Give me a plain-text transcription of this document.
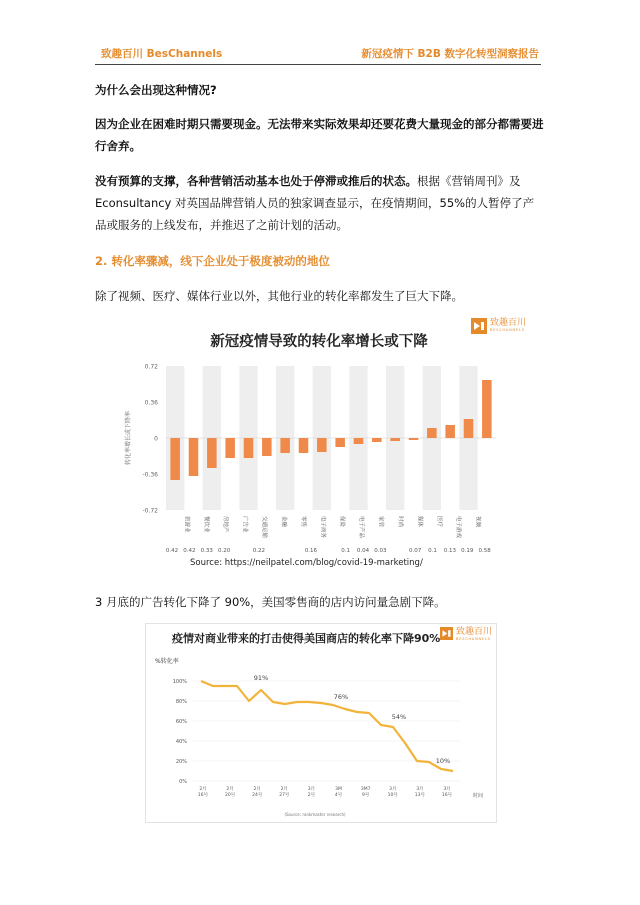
致趣百川 BesChannels	新冠疫情下 B2B 数字化转型洞察报告
为什么会出现这种情况?
因为企业在困难时期只需要现金。无法带来实际效果却还要花费大量现金的部分都需要进行舍弃。
没有预算的支撑，各种营销活动基本也处于停滞或推后的状态。根据《营销周刊》及 Econsultancy 对英国品牌营销人员的独家调查显示，在疫情期间，55%的人暂停了产品或服务的上线发布，并推迟了之前计划的活动。
2. 转化率骤减，线下企业处于极度被动的地位
除了视频、医疗、媒体行业以外，其他行业的转化率都发生了巨大下降。
新冠疫情导致的转化率增长或下降
致趣百川
BESCHANNELS
0.72
0.36
0
-0.36
-0.72
转化率增长或下降率
旅游业	餐饮业	房地产	广告业	交通运输	金融	零售	电子商务	保险	电子产品	家装	时尚	媒体	医疗	电子游戏	视频
0.42 0.42 0.33 0.20	0.22	0.16	0.1 0.04 0.03	0.07 0.1 0.13 0.19 0.58
Source: https://neilpatel.com/blog/covid-19-marketing/
3 月底的广告转化下降了 90%，美国零售商的店内访问量急剧下降。
疫情对商业带来的打击使得美国商店的转化率下降90% 致趣百川
BESCHANNELS
%转化率
100%
80%
60%
40%
20%
0%
91%
76%
54%
10%
2月 16号
2月 20号
2月 24号
2月 27号
3月 2号
3M 4号
3M7 9号
3月 10号
3月 13号
3月 16号	时间
(Source: rankmaster research)
